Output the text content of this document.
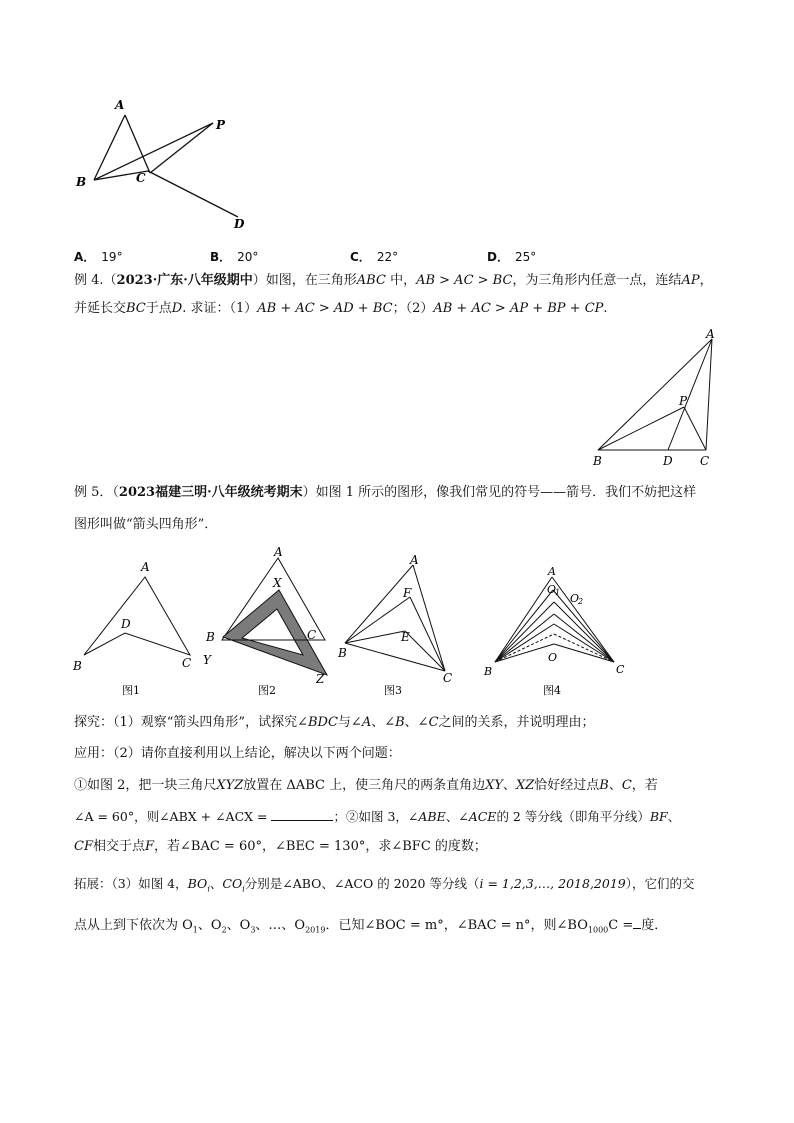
A
B	C
P
D
A． 19°	B． 20°	C． 22°	D． 25°
例 4.（2023·广东·八年级期中）如图，在三角形ABC 中，AB > AC > BC，为三角形内任意一点，连结AP，
并延长交BC于点D. 求证：（1）AB + AC > AD + BC；（2）AB + AC > AP + BP + CP.
A
P
B	D C
例 5．（2023福建三明·八年级统考期末）如图 1 所示的图形，像我们常见的符号——箭号．我们不妨把这样
图形叫做“箭头四角形”．
A
D
B	C
图1
A
X
B	C
Y
Z
图2
A
F
E
B
C
图3
A
O
1 O
2
O
B	C
图4
探究：（1）观察“箭头四角形”，试探究∠BDC与∠A、∠B、∠C之间的关系，并说明理由；
应用：（2）请你直接利用以上结论，解决以下两个问题：
①如图 2，把一块三角尺XYZ放置在 ΔABC 上，使三角尺的两条直角边XY、XZ恰好经过点B、C，若
∠A = 60°，则∠ABX + ∠ACX =	；②如图 3，∠ABE、∠ACE的 2 等分线（即角平分线）BF、
CF相交于点F，若∠BAC = 60°，∠BEC = 130°，求∠BFC 的度数；
拓展：（3）如图 4，$BO_i$、$CO_i$分别是∠ABO、∠ACO 的 2020 等分线（i = 1,2,3,…, 2018,2019），它们的交
点从上到下依次为 $O_1$、$O_2$、$O_3$、…、$O_{2019}$．已知∠BOC = m°，∠BAC = n°，则$\angle BO_{1000}C$ = 度．
